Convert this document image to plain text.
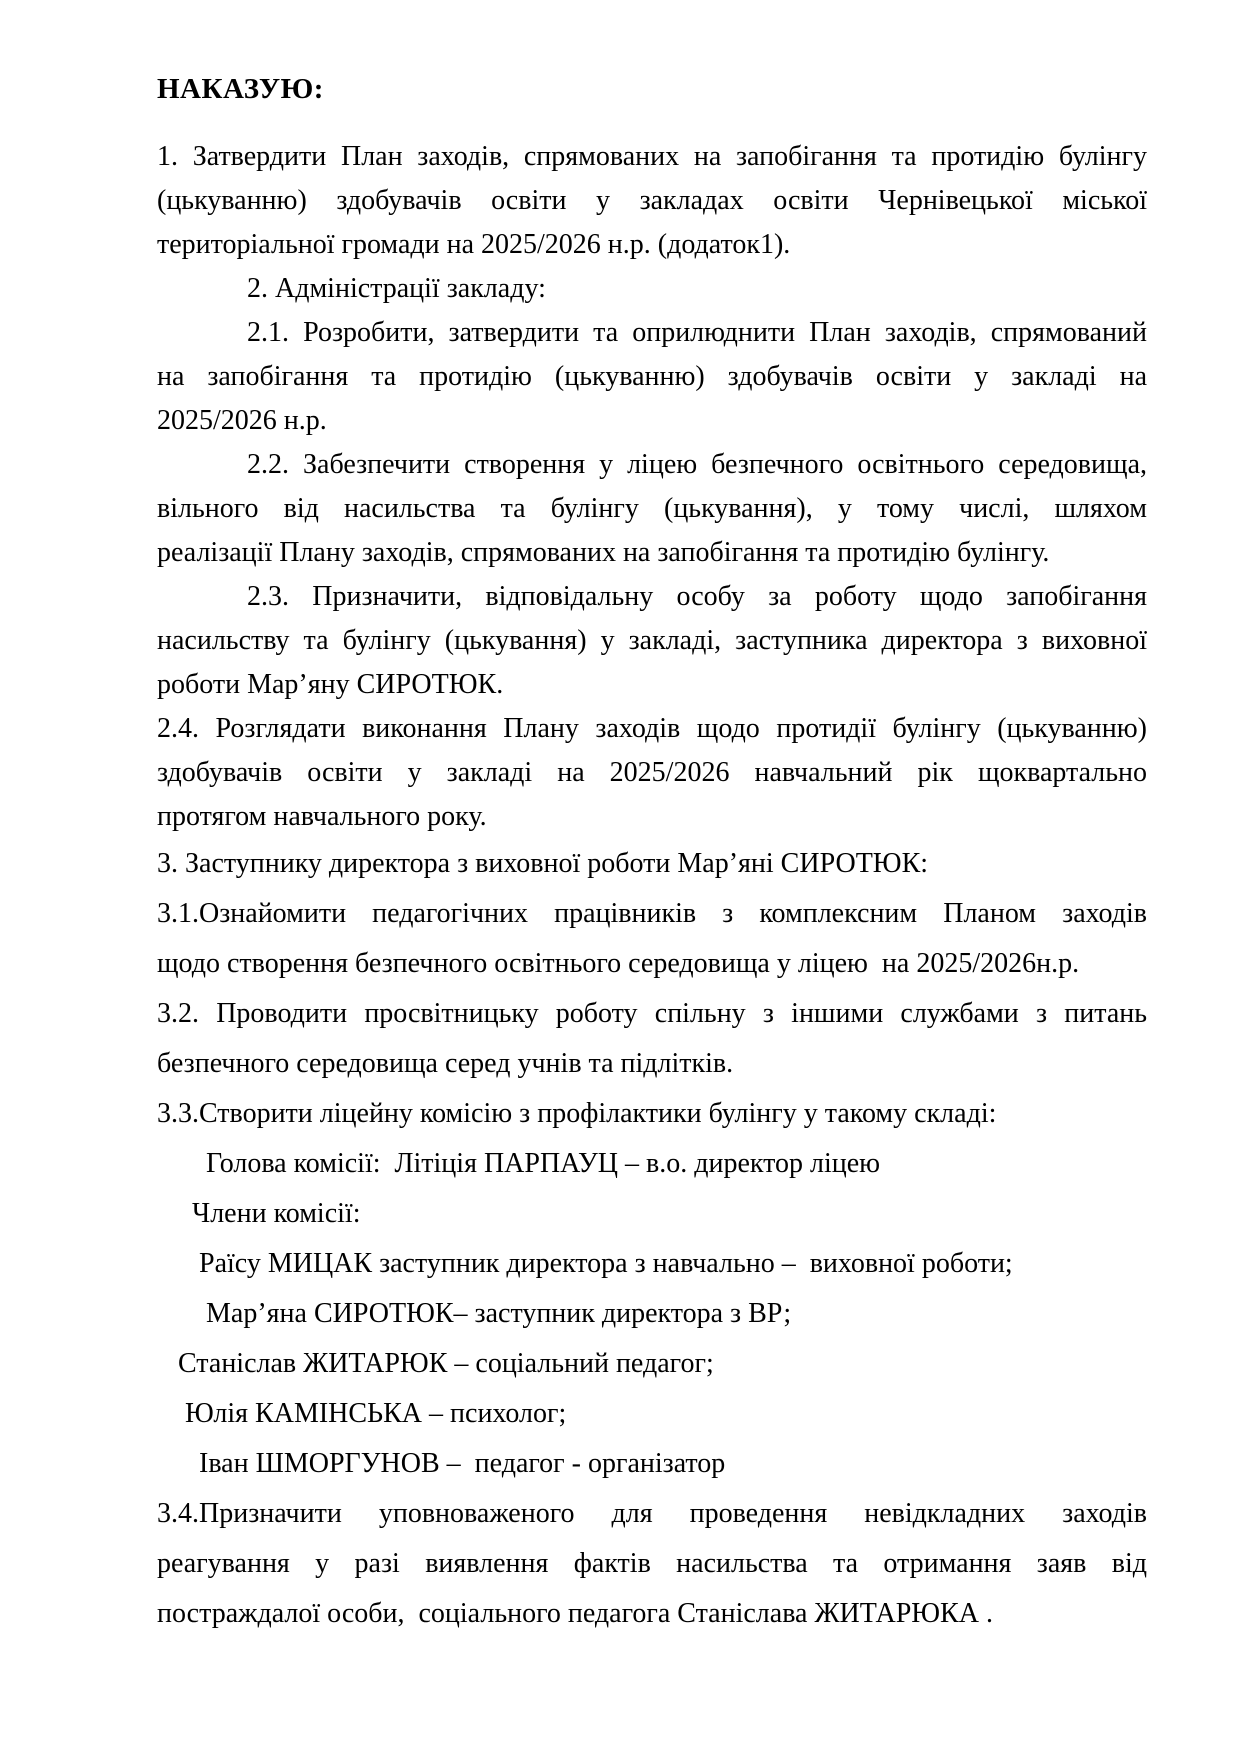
НАКАЗУЮ:
1. Затвердити План заходів, спрямованих на запобігання та протидію булінгу
(цькуванню) здобувачів освіти у закладах освіти Чернівецької міської
територіальної громади на 2025/2026 н.р. (додаток1).
2. Адміністрації закладу:
2.1. Розробити, затвердити та оприлюднити План заходів, спрямований
на запобігання та протидію (цькуванню) здобувачів освіти у закладі на
2025/2026 н.р.
2.2. Забезпечити створення у ліцею безпечного освітнього середовища,
вільного від насильства та булінгу (цькування), у тому числі, шляхом
реалізації Плану заходів, спрямованих на запобігання та протидію булінгу.
2.3. Призначити, відповідальну особу за роботу щодо запобігання
насильству та булінгу (цькування) у закладі, заступника директора з виховної
роботи Мар’яну СИРОТЮК.
2.4. Розглядати виконання Плану заходів щодо протидії булінгу (цькуванню)
здобувачів освіти у закладі на 2025/2026 навчальний рік щоквартально
протягом навчального року.
3. Заступнику директора з виховної роботи Мар’яні СИРОТЮК:
3.1.Ознайомити педагогічних працівників з комплексним Планом заходів
щодо створення безпечного освітнього середовища у ліцею  на 2025/2026н.р.
3.2. Проводити просвітницьку роботу спільну з іншими службами з питань
безпечного середовища серед учнів та підлітків.
3.3.Створити ліцейну комісію з профілактики булінгу у такому складі:
Голова комісії:  Літіція ПАРПАУЦ – в.о. директор ліцею
Члени комісії:
Раїсу МИЦАК заступник директора з навчально –  виховної роботи;
Мар’яна СИРОТЮК– заступник директора з ВР;
Станіслав ЖИТАРЮК – соціальний педагог;
Юлія КАМІНСЬКА – психолог;
Іван ШМОРГУНОВ –  педагог - організатор
3.4.Призначити уповноваженого для проведення невідкладних заходів
реагування у разі виявлення фактів насильства та отримання заяв від
постраждалої особи,  соціального педагога Станіслава ЖИТАРЮКА .
